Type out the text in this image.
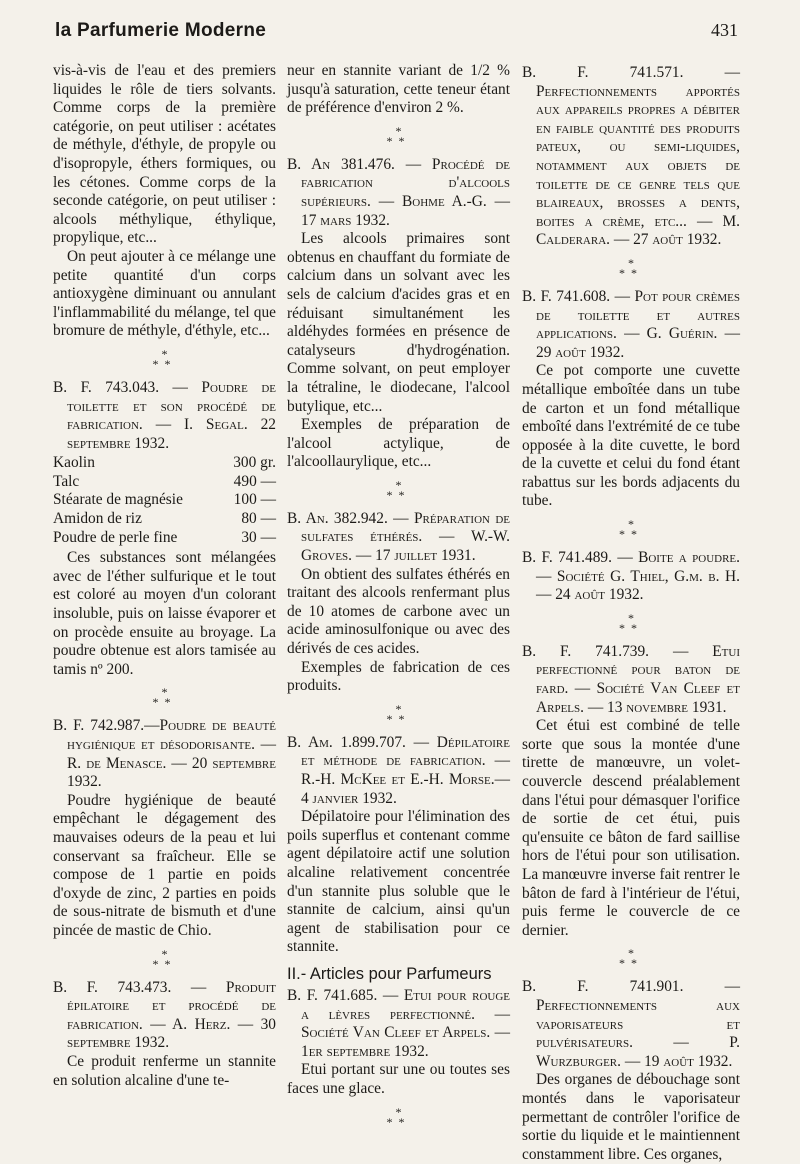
la Parfumerie Moderne	431

vis-à-vis de l'eau et des premiers liquides le rôle de tiers solvants. Comme corps de la première catégorie, on peut utiliser : acétates de méthyle, d'éthyle, de propyle ou d'isopropyle, éthers formiques, ou les cétones. Comme corps de la seconde catégorie, on peut utiliser : alcools méthylique, éthylique, propylique, etc...

On peut ajouter à ce mélange une petite quantité d'un corps antioxygène diminuant ou annulant l'inflammabilité du mélange, tel que bromure de méthyle, d'éthyle, etc...

*
**

B. F. 743.043. — Poudre de toilette et son procédé de fabrication. — I. Segal. 22 septembre 1932.

Kaolin	300 gr.
Talc	490 —
Stéarate de magnésie	100 —
Amidon de riz	80 —
Poudre de perle fine	30 —

Ces substances sont mélangées avec de l'éther sulfurique et le tout est coloré au moyen d'un colorant insoluble, puis on laisse évaporer et on procède ensuite au broyage. La poudre obtenue est alors tamisée au tamis nº 200.

*
**

B. F. 742.987.—Poudre de beauté hygiénique et désodorisante. — R. de Menasce. — 20 septembre 1932.

Poudre hygiénique de beauté empêchant le dégagement des mauvaises odeurs de la peau et lui conservant sa fraîcheur. Elle se compose de 1 partie en poids d'oxyde de zinc, 2 parties en poids de sous-nitrate de bismuth et d'une pincée de mastic de Chio.

*
**

B. F. 743.473. — Produit épilatoire et procédé de fabrication. — A. Herz. — 30 septembre 1932.

Ce produit renferme un stannite en solution alcaline d'une te-

neur en stannite variant de 1/2 % jusqu'à saturation, cette teneur étant de préférence d'environ 2 %.

*
**

B. An 381.476. — Procédé de fabrication d'alcools supérieurs. — Bohme A.-G. — 17 mars 1932.

Les alcools primaires sont obtenus en chauffant du formiate de calcium dans un solvant avec les sels de calcium d'acides gras et en réduisant simultanément les aldéhydes formées en présence de catalyseurs d'hydrogénation. Comme solvant, on peut employer la tétraline, le diodecane, l'alcool butylique, etc...

Exemples de préparation de l'alcool actylique, de l'alcoollaurylique, etc...

*
**

B. An. 382.942. — Préparation de sulfates éthérés. — W.-W. Groves. — 17 juillet 1931.

On obtient des sulfates éthérés en traitant des alcools renfermant plus de 10 atomes de carbone avec un acide aminosulfonique ou avec des dérivés de ces acides.

Exemples de fabrication de ces produits.

*
**

B. Am. 1.899.707. — Dépilatoire et méthode de fabrication. — R.-H. McKee et E.-H. Morse.— 4 janvier 1932.

Dépilatoire pour l'élimination des poils superflus et contenant comme agent dépilatoire actif une solution alcaline relativement concentrée d'un stannite plus soluble que le stannite de calcium, ainsi qu'un agent de stabilisation pour ce stannite.

II.- Articles pour Parfumeurs

B. F. 741.685. — Etui pour rouge a lèvres perfectionné. — Société Van Cleef et Arpels. — 1er septembre 1932.

Etui portant sur une ou toutes ses faces une glace.

*
**

B. F. 741.571. — Perfectionnements apportés aux appareils propres a débiter en faible quantité des produits pateux, ou semi-liquides, notamment aux objets de toilette de ce genre tels que blaireaux, brosses a dents, boites a crème, etc... — M. Calderara. — 27 août 1932.

*
**

B. F. 741.608. — Pot pour crèmes de toilette et autres applications. — G. Guérin. — 29 août 1932.

Ce pot comporte une cuvette métallique emboîtée dans un tube de carton et un fond métallique emboîté dans l'extrémité de ce tube opposée à la dite cuvette, le bord de la cuvette et celui du fond étant rabattus sur les bords adjacents du tube.

*
**

B. F. 741.489. — Boite a poudre. — Société G. Thiel, G.m. b. H. — 24 août 1932.

*
**

B. F. 741.739. — Etui perfectionné pour baton de fard. — Société Van Cleef et Arpels. — 13 novembre 1931.

Cet étui est combiné de telle sorte que sous la montée d'une tirette de manœuvre, un volet-couvercle descend préalablement dans l'étui pour démasquer l'orifice de sortie de cet étui, puis qu'ensuite ce bâton de fard saillise hors de l'étui pour son utilisation. La manœuvre inverse fait rentrer le bâton de fard à l'intérieur de l'étui, puis ferme le couvercle de ce dernier.

*
**

B. F. 741.901. — Perfectionnements aux vaporisateurs et pulvérisateurs. — P. Wurzburger. — 19 août 1932.

Des organes de débouchage sont montés dans le vaporisateur permettant de contrôler l'orifice de sortie du liquide et le maintiennent constamment libre. Ces organes,
